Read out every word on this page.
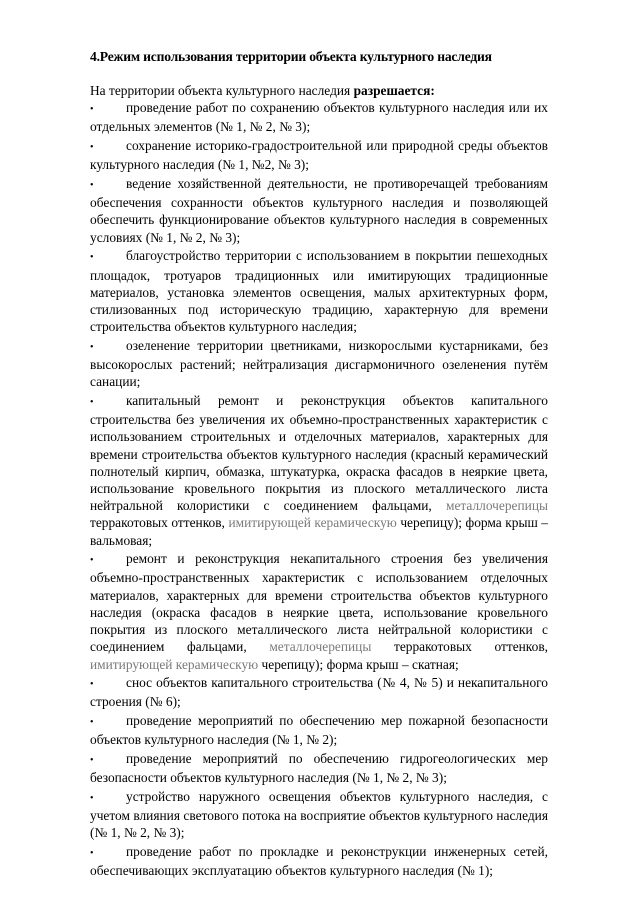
4.Режим использования территории объекта культурного наследия

На территории объекта культурного наследия разрешается:

• проведение работ по сохранению объектов культурного наследия или их отдельных элементов (№ 1, № 2, № 3);
• сохранение историко-градостроительной или природной среды объектов культурного наследия (№ 1, №2, № 3);
• ведение хозяйственной деятельности, не противоречащей требованиям обеспечения сохранности объектов культурного наследия и позволяющей обеспечить функционирование объектов культурного наследия в современных условиях (№ 1, № 2, № 3);
• благоустройство территории с использованием в покрытии пешеходных площадок, тротуаров традиционных или имитирующих традиционные материалов, установка элементов освещения, малых архитектурных форм, стилизованных под историческую традицию, характерную для времени строительства объектов культурного наследия;
• озеленение территории цветниками, низкорослыми кустарниками, без высокорослых растений; нейтрализация дисгармоничного озеленения путём санации;
• капитальный ремонт и реконструкция объектов капитального строительства без увеличения их объемно-пространственных характеристик с использованием строительных и отделочных материалов, характерных для времени строительства объектов культурного наследия (красный керамический полнотелый кирпич, обмазка, штукатурка, окраска фасадов в неяркие цвета, использование кровельного покрытия из плоского металлического листа нейтральной колористики с соединением фальцами, металлочерепицы терракотовых оттенков, имитирующей керамическую черепицу); форма крыш – вальмовая;
• ремонт и реконструкция некапитального строения без увеличения объемно-пространственных характеристик с использованием отделочных материалов, характерных для времени строительства объектов культурного наследия (окраска фасадов в неяркие цвета, использование кровельного покрытия из плоского металлического листа нейтральной колористики с соединением фальцами, металлочерепицы терракотовых оттенков, имитирующей керамическую черепицу); форма крыш – скатная;
• снос объектов капитального строительства (№ 4, № 5) и некапитального строения (№ 6);
• проведение мероприятий по обеспечению мер пожарной безопасности объектов культурного наследия (№ 1, № 2);
• проведение мероприятий по обеспечению гидрогеологических мер безопасности объектов культурного наследия (№ 1, № 2, № 3);
• устройство наружного освещения объектов культурного наследия, с учетом влияния светового потока на восприятие объектов культурного наследия (№ 1, № 2, № 3);
• проведение работ по прокладке и реконструкции инженерных сетей, обеспечивающих эксплуатацию объектов культурного наследия (№ 1);
